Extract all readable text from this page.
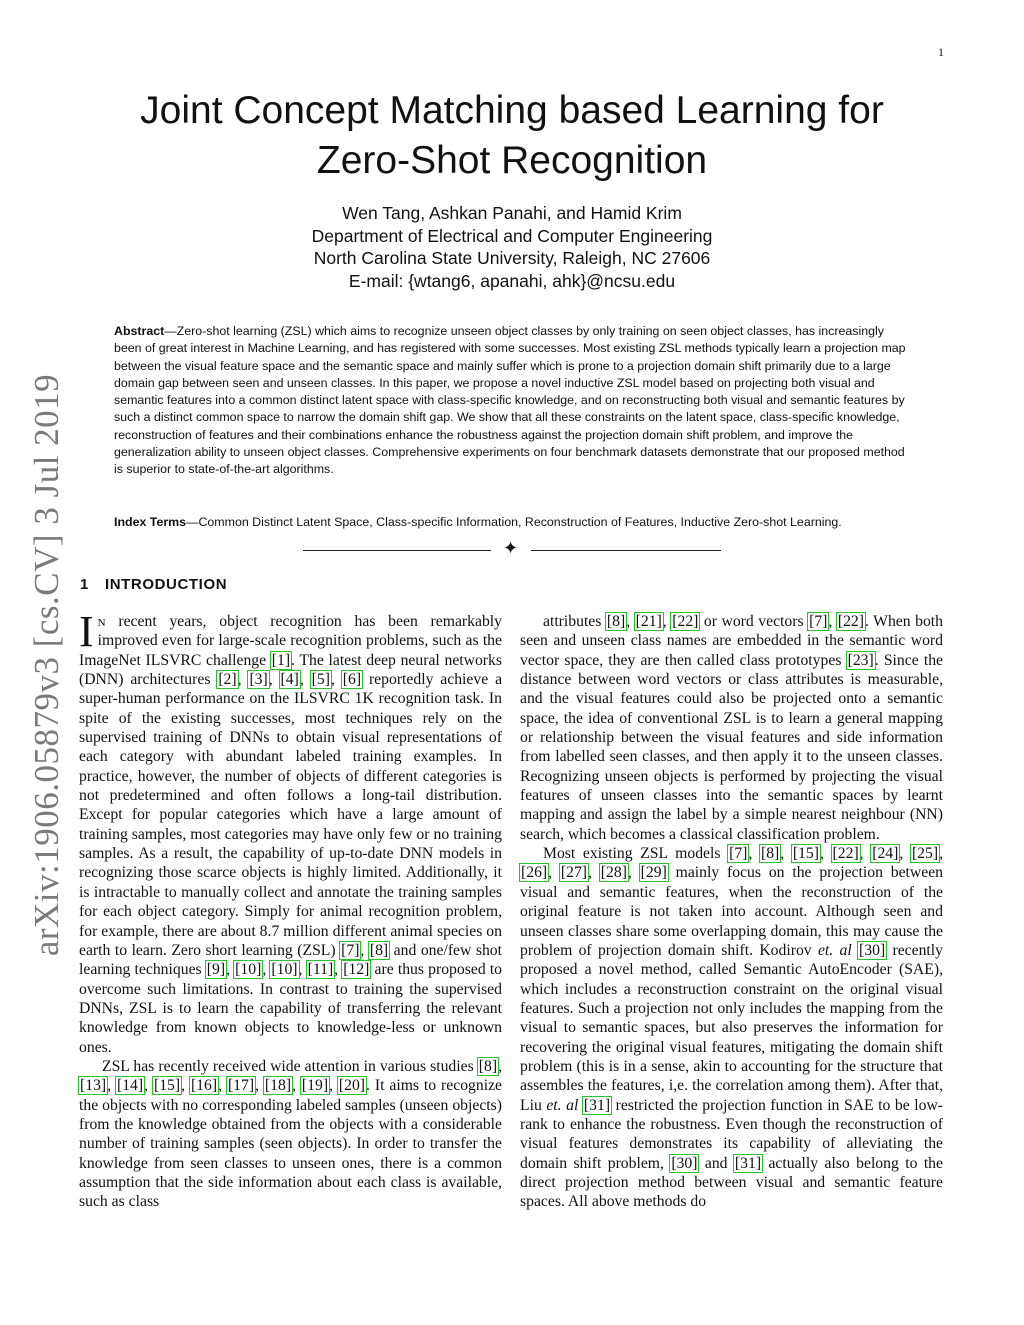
1
arXiv:1906.05879v3 [cs.CV] 3 Jul 2019
Joint Concept Matching based Learning for
Zero-Shot Recognition
Wen Tang, Ashkan Panahi, and Hamid Krim
Department of Electrical and Computer Engineering
North Carolina State University, Raleigh, NC 27606
E-mail: {wtang6, apanahi, ahk}@ncsu.edu
Abstract—Zero-shot learning (ZSL) which aims to recognize unseen object classes by only training on seen object classes, has increasingly been of great interest in Machine Learning, and has registered with some successes. Most existing ZSL methods typically learn a projection map between the visual feature space and the semantic space and mainly suffer which is prone to a projection domain shift primarily due to a large domain gap between seen and unseen classes. In this paper, we propose a novel inductive ZSL model based on projecting both visual and semantic features into a common distinct latent space with class-specific knowledge, and on reconstructing both visual and semantic features by such a distinct common space to narrow the domain shift gap. We show that all these constraints on the latent space, class-specific knowledge, reconstruction of features and their combinations enhance the robustness against the projection domain shift problem, and improve the generalization ability to unseen object classes. Comprehensive experiments on four benchmark datasets demonstrate that our proposed method is superior to state-of-the-art algorithms.
Index Terms—Common Distinct Latent Space, Class-specific Information, Reconstruction of Features, Inductive Zero-shot Learning.
✦
1 INTRODUCTION

In recent years, object recognition has been remarkably improved even for large-scale recognition problems, such as the ImageNet ILSVRC challenge [1]. The latest deep neural networks (DNN) architectures [2], [3], [4], [5], [6] reportedly achieve a super-human performance on the ILSVRC 1K recognition task. In spite of the existing successes, most techniques rely on the supervised training of DNNs to obtain visual representations of each category with abundant labeled training examples. In practice, however, the number of objects of different categories is not predetermined and often follows a long-tail distribution. Except for popular categories which have a large amount of training samples, most categories may have only few or no training samples. As a result, the capability of up-to-date DNN models in recognizing those scarce objects is highly limited. Additionally, it is intractable to manually collect and annotate the training samples for each object category. Simply for animal recognition problem, for example, there are about 8.7 million different animal species on earth to learn. Zero short learning (ZSL) [7], [8] and one/few shot learning techniques [9], [10], [10], [11], [12] are thus proposed to overcome such limitations. In contrast to training the supervised DNNs, ZSL is to learn the capability of transferring the relevant knowledge from known objects to knowledge-less or unknown ones.

ZSL has recently received wide attention in various studies [8], [13], [14], [15], [16], [17], [18], [19], [20]. It aims to recognize the objects with no corresponding labeled samples (unseen objects) from the knowledge obtained from the objects with a considerable number of training samples (seen objects). In order to transfer the knowledge from seen classes to unseen ones, there is a common assumption that the side information about each class is available, such as class

attributes [8], [21], [22] or word vectors [7], [22]. When both seen and unseen class names are embedded in the semantic word vector space, they are then called class prototypes [23]. Since the distance between word vectors or class attributes is measurable, and the visual features could also be projected onto a semantic space, the idea of conventional ZSL is to learn a general mapping or relationship between the visual features and side information from labelled seen classes, and then apply it to the unseen classes. Recognizing unseen objects is performed by projecting the visual features of unseen classes into the semantic spaces by learnt mapping and assign the label by a simple nearest neighbour (NN) search, which becomes a classical classification problem.

Most existing ZSL models [7], [8], [15], [22], [24], [25], [26], [27], [28], [29] mainly focus on the projection between visual and semantic features, when the reconstruction of the original feature is not taken into account. Although seen and unseen classes share some overlapping domain, this may cause the problem of projection domain shift. Kodirov et. al [30] recently proposed a novel method, called Semantic AutoEncoder (SAE), which includes a reconstruction constraint on the original visual features. Such a projection not only includes the mapping from the visual to semantic spaces, but also preserves the information for recovering the original visual features, mitigating the domain shift problem (this is in a sense, akin to accounting for the structure that assembles the features, i,e. the correlation among them). After that, Liu et. al [31] restricted the projection function in SAE to be low-rank to enhance the robustness. Even though the reconstruction of visual features demonstrates its capability of alleviating the domain shift problem, [30] and [31] actually also belong to the direct projection method between visual and semantic feature spaces. All above methods do
